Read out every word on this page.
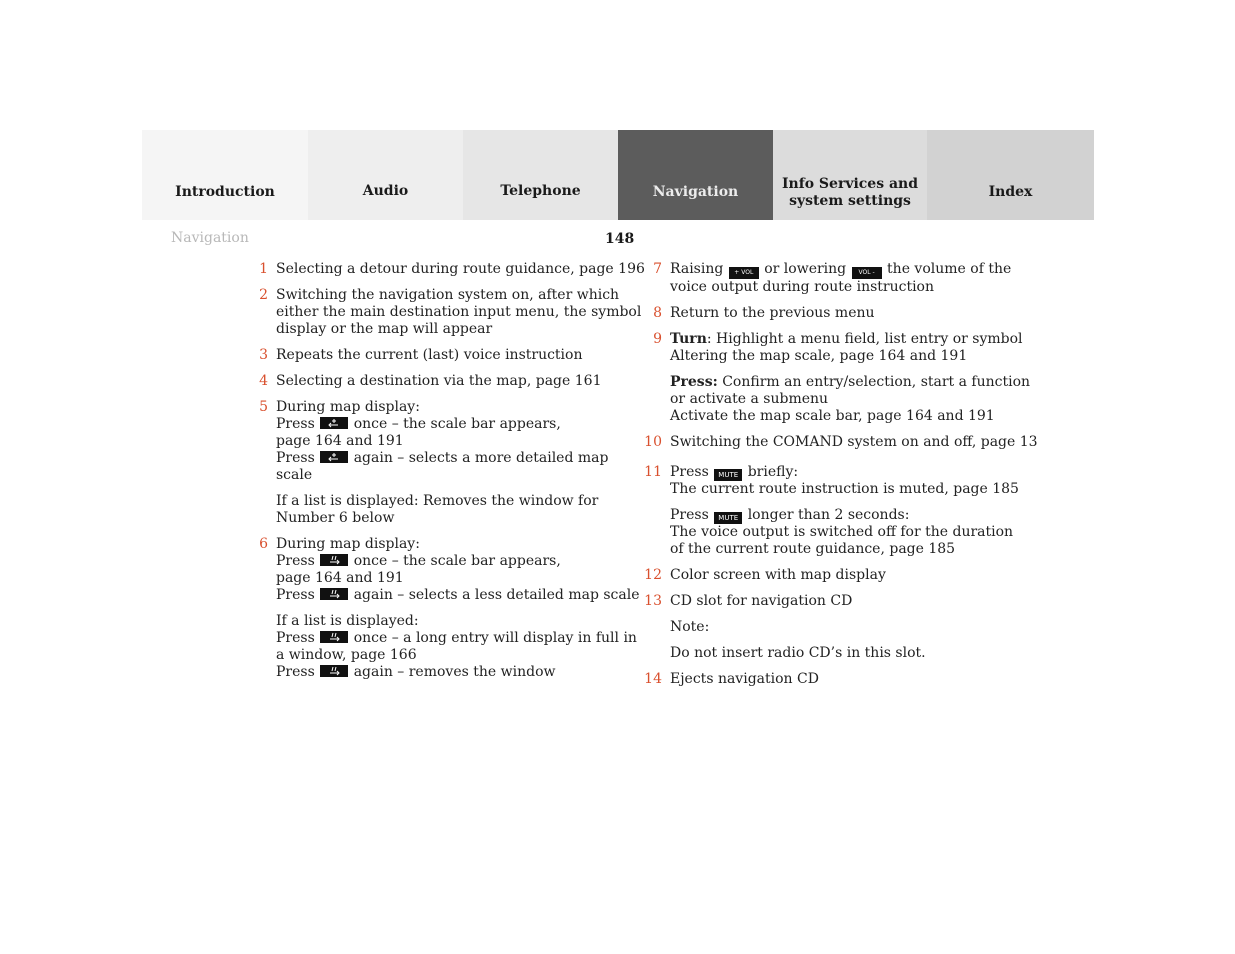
Introduction	Audio	Telephone	Navigation	Info Services and
system settings
Index
Navigation	148
1 Selecting a detour during route guidance, page 196
2 Switching the navigation system on, after which
either the main destination input menu, the symbol
display or the map will appear
3 Repeats the current (last) voice instruction
4 Selecting a destination via the map, page 161
5 During map display:
Press	once – the scale bar appears,
page 164 and 191
Press	again – selects a more detailed map
scale
If a list is displayed: Removes the window for
Number 6 below
6 During map display:
Press	once – the scale bar appears,
page 164 and 191
Press	again – selects a less detailed map scale
If a list is displayed:
Press	once – a long entry will display in full in
a window, page 166
Press	again – removes the window
7 Raising + VOL or lowering VOL - the volume of the
voice output during route instruction
8 Return to the previous menu
9 Turn: Highlight a menu field, list entry or symbol
Altering the map scale, page 164 and 191
Press: Confirm an entry/selection, start a function
or activate a submenu
Activate the map scale bar, page 164 and 191
10 Switching the COMAND system on and off, page 13
11 Press MUTE briefly:
The current route instruction is muted, page 185
Press MUTE longer than 2 seconds:
The voice output is switched off for the duration
of the current route guidance, page 185
12 Color screen with map display
13 CD slot for navigation CD
Note:
Do not insert radio CD’s in this slot.
14 Ejects navigation CD
